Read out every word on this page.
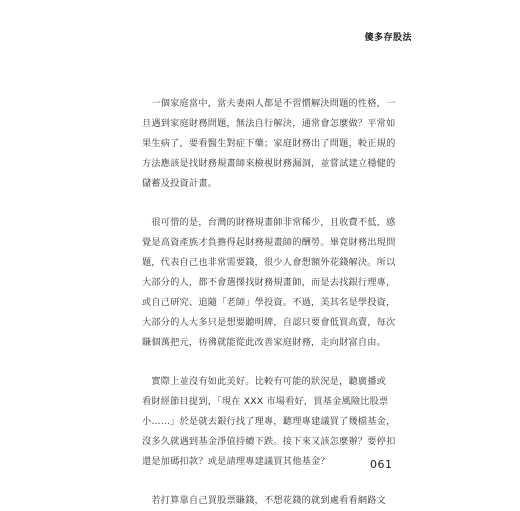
傻多存股法

　一個家庭當中，當夫妻兩人都是不習慣解決問題的性格，一
旦遇到家庭財務問題，無法自行解決，通常會怎麼做？平常如
果生病了，要看醫生對症下藥；家庭財務出了問題，較正規的
方法應該是找財務規畫師來檢視財務漏洞，並嘗試建立穩健的
儲蓄及投資計畫。

　很可惜的是，台灣的財務規畫師非常稀少，且收費不低，感
覺是高資產族才負擔得起財務規畫師的酬勞。畢竟財務出現問
題，代表自己也非常需要錢，很少人會想額外花錢解決。所以
大部分的人，都不會選擇找財務規畫師，而是去找銀行理專，
或自己研究、追隨「老師」學投資。不過，美其名是學投資，
大部分的人大多只是想要聽明牌，自認只要會低買高賣，每次
賺個萬把元，彷彿就能從此改善家庭財務，走向財富自由。

　實際上並沒有如此美好。比較有可能的狀況是，聽廣播或
看財經節目提到，「現在 XXX 市場看好，買基金風險比股票
小……」於是就去銀行找了理專，聽理專建議買了幾檔基金，
沒多久就遇到基金淨值持續下跌。接下來又該怎麼辦？要停扣
還是加碼扣款？或是請理專建議買其他基金？

　若打算靠自己買股票賺錢，不想花錢的就到處看看網路文

061
